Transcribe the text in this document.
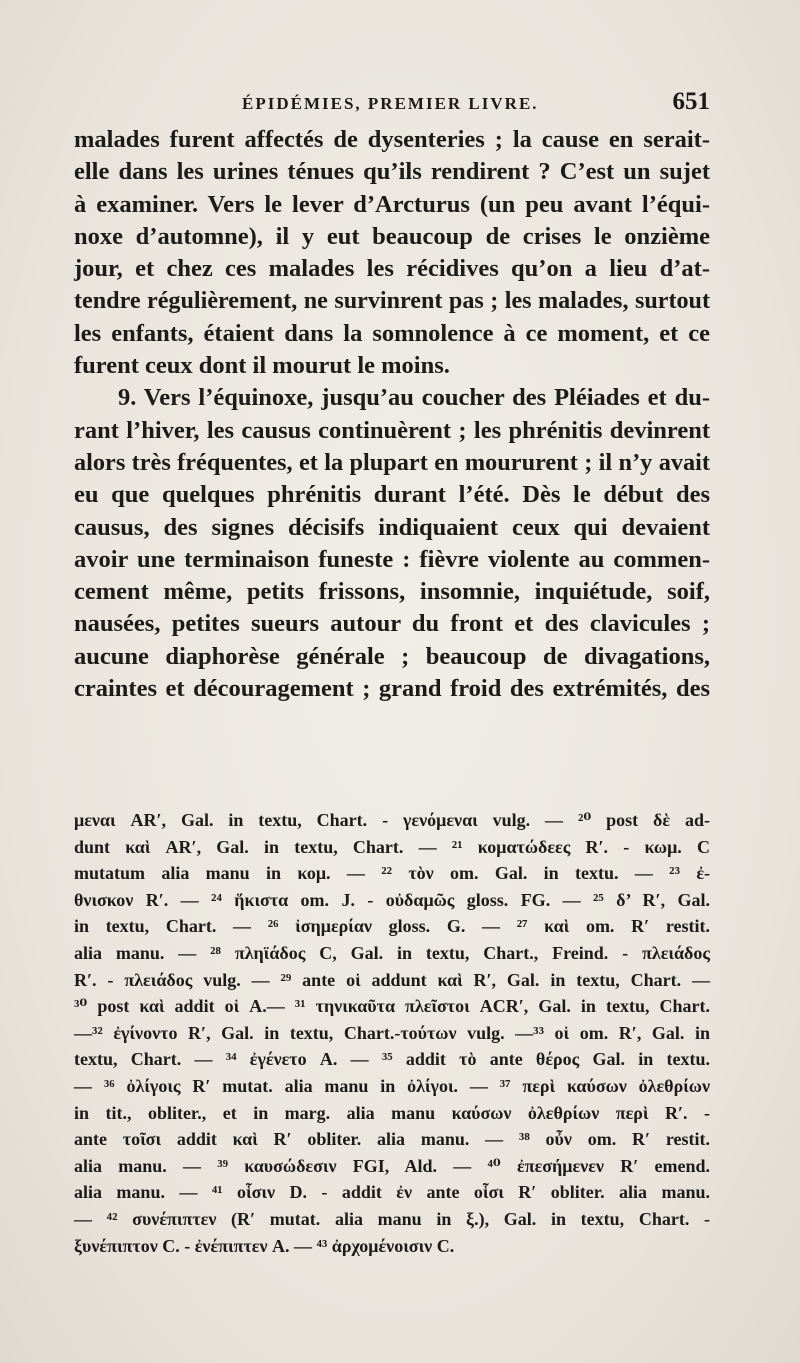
ÉPIDÉMIES, PREMIER LIVRE.	651
malades furent affectés de dysenteries ; la cause en serait-
elle dans les urines ténues qu’ils rendirent ? C’est un sujet
à examiner. Vers le lever d’Arcturus (un peu avant l’équi-
noxe d’automne), il y eut beaucoup de crises le onzième
jour, et chez ces malades les récidives qu’on a lieu d’at-
tendre régulièrement, ne survinrent pas ; les malades, surtout
les enfants, étaient dans la somnolence à ce moment, et ce
furent ceux dont il mourut le moins.
9. Vers l’équinoxe, jusqu’au coucher des Pléiades et du-
rant l’hiver, les causus continuèrent ; les phrénitis devinrent
alors très fréquentes, et la plupart en moururent ; il n’y avait
eu que quelques phrénitis durant l’été. Dès le début des
causus, des signes décisifs indiquaient ceux qui devaient
avoir une terminaison funeste : fièvre violente au commen-
cement même, petits frissons, insomnie, inquiétude, soif,
nausées, petites sueurs autour du front et des clavicules ;
aucune diaphorèse générale ; beaucoup de divagations,
craintes et découragement ; grand froid des extrémités, des
μεναι AR′, Gal. in textu, Chart. - γενόμεναι vulg. — ²⁰ post δὲ ad-
dunt καὶ AR′, Gal. in textu, Chart. — ²¹ κοματώδεες R′. - κωμ. C
mutatum alia manu in κομ. — ²² τὸν om. Gal. in textu. — ²³ ἐ-
θνισκον R′. — ²⁴ ἥκιστα om. J. - οὐδαμῶς gloss. FG. — ²⁵ δ’ R′, Gal.
in textu, Chart. — ²⁶ ἰσημερίαν gloss. G. — ²⁷ καὶ om. R′ restit.
alia manu. — ²⁸ πληϊάδος C, Gal. in textu, Chart., Freind. - πλειάδος
R′. - πλειάδος vulg. — ²⁹ ante οἱ addunt καὶ R′, Gal. in textu, Chart. —
³⁰ post καὶ addit οἱ A.— ³¹ τηνικαῦτα πλεῖστοι ACR′, Gal. in textu, Chart.
—³² ἐγίνοντο R′, Gal. in textu, Chart.-τούτων vulg. —³³ οἱ om. R′, Gal. in
textu, Chart. — ³⁴ ἐγένετο A. — ³⁵ addit τὸ ante θέρος Gal. in textu.
— ³⁶ ὀλίγοις R′ mutat. alia manu in ὀλίγοι. — ³⁷ περὶ καύσων ὀλεθρίων
in tit., obliter., et in marg. alia manu καύσων ὀλεθρίων περὶ R′. -
ante τοῖσι addit καὶ R′ obliter. alia manu. — ³⁸ οὖν om. R′ restit.
alia manu. — ³⁹ καυσώδεσιν FGI, Ald. — ⁴⁰ ἐπεσήμενεν R′ emend.
alia manu. — ⁴¹ οἷσιν D. - addit ἐν ante οἷσι R′ obliter. alia manu.
— ⁴² συνέπιπτεν (R′ mutat. alia manu in ξ.), Gal. in textu, Chart. -
ξυνέπιπτον C. - ἐνέπιπτεν A. — ⁴³ ἀρχομένοισιν C.
